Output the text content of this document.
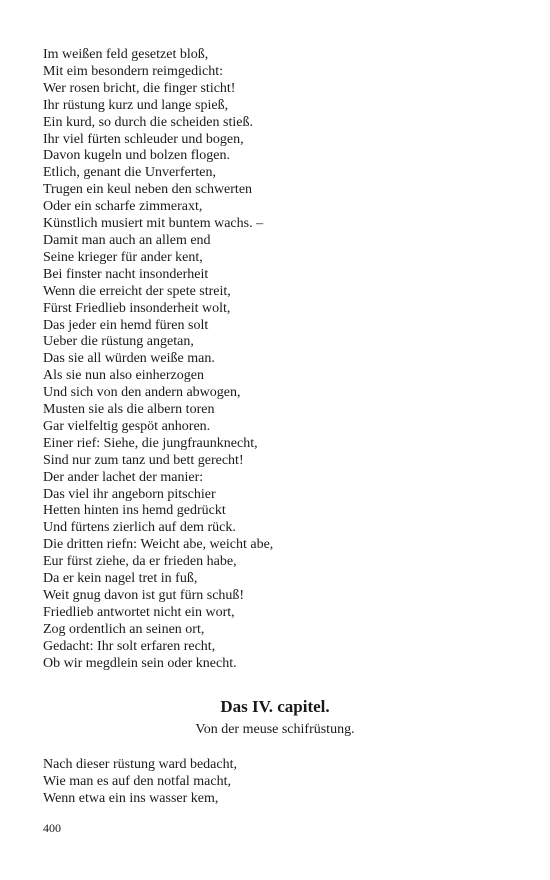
Im weißen feld gesetzet bloß,
Mit eim besondern reimgedicht:
Wer rosen bricht, die finger sticht!
Ihr rüstung kurz und lange spieß,
Ein kurd, so durch die scheiden stieß.
Ihr viel fürten schleuder und bogen,
Davon kugeln und bolzen flogen.
Etlich, genant die Unverferten,
Trugen ein keul neben den schwerten
Oder ein scharfe zimmeraxt,
Künstlich musiert mit buntem wachs. –
Damit man auch an allem end
Seine krieger für ander kent,
Bei finster nacht insonderheit
Wenn die erreicht der spete streit,
Fürst Friedlieb insonderheit wolt,
Das jeder ein hemd füren solt
Ueber die rüstung angetan,
Das sie all würden weiße man.
Als sie nun also einherzogen
Und sich von den andern abwogen,
Musten sie als die albern toren
Gar vielfeltig gespöt anhoren.
Einer rief: Siehe, die jungfraunknecht,
Sind nur zum tanz und bett gerecht!
Der ander lachet der manier:
Das viel ihr angeborn pitschier
Hetten hinten ins hemd gedrückt
Und fürtens zierlich auf dem rück.
Die dritten riefn: Weicht abe, weicht abe,
Eur fürst ziehe, da er frieden habe,
Da er kein nagel tret in fuß,
Weit gnug davon ist gut fürn schuß!
Friedlieb antwortet nicht ein wort,
Zog ordentlich an seinen ort,
Gedacht: Ihr solt erfaren recht,
Ob wir megdlein sein oder knecht.
Das IV. capitel.

Von der meuse schifrüstung.

Nach dieser rüstung ward bedacht,
Wie man es auf den notfal macht,
Wenn etwa ein ins wasser kem,
400
